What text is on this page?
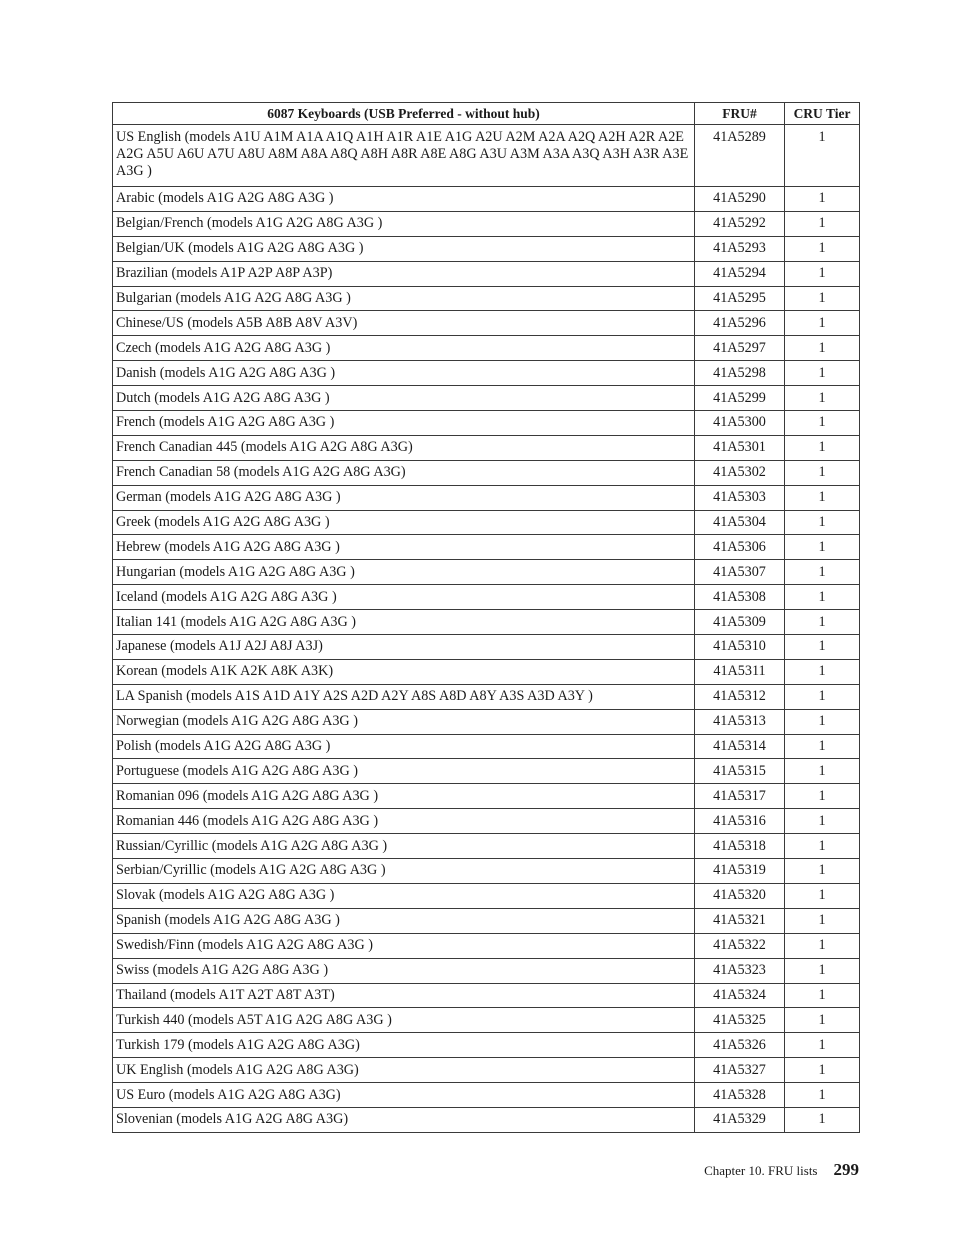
6087 Keyboards (USB Preferred - without hub)	FRU#	CRU Tier
US English (models A1U A1M A1A A1Q A1H A1R A1E A1G A2U A2M A2A A2Q A2H A2R A2E A2G A5U A6U A7U A8U A8M A8A A8Q A8H A8R A8E A8G A3U A3M A3A A3Q A3H A3R A3E A3G )	41A5289	1
Arabic (models A1G A2G A8G A3G )	41A5290	1
Belgian/French (models A1G A2G A8G A3G )	41A5292	1
Belgian/UK (models A1G A2G A8G A3G )	41A5293	1
Brazilian (models A1P A2P A8P A3P)	41A5294	1
Bulgarian (models A1G A2G A8G A3G )	41A5295	1
Chinese/US (models A5B A8B A8V A3V)	41A5296	1
Czech (models A1G A2G A8G A3G )	41A5297	1
Danish (models A1G A2G A8G A3G )	41A5298	1
Dutch (models A1G A2G A8G A3G )	41A5299	1
French (models A1G A2G A8G A3G )	41A5300	1
French Canadian 445 (models A1G A2G A8G A3G)	41A5301	1
French Canadian 58 (models A1G A2G A8G A3G)	41A5302	1
German (models A1G A2G A8G A3G )	41A5303	1
Greek (models A1G A2G A8G A3G )	41A5304	1
Hebrew (models A1G A2G A8G A3G )	41A5306	1
Hungarian (models A1G A2G A8G A3G )	41A5307	1
Iceland (models A1G A2G A8G A3G )	41A5308	1
Italian 141 (models A1G A2G A8G A3G )	41A5309	1
Japanese (models A1J A2J A8J A3J)	41A5310	1
Korean (models A1K A2K A8K A3K)	41A5311	1
LA Spanish (models A1S A1D A1Y A2S A2D A2Y A8S A8D A8Y A3S A3D A3Y )	41A5312	1
Norwegian (models A1G A2G A8G A3G )	41A5313	1
Polish (models A1G A2G A8G A3G )	41A5314	1
Portuguese (models A1G A2G A8G A3G )	41A5315	1
Romanian 096 (models A1G A2G A8G A3G )	41A5317	1
Romanian 446 (models A1G A2G A8G A3G )	41A5316	1
Russian/Cyrillic (models A1G A2G A8G A3G )	41A5318	1
Serbian/Cyrillic (models A1G A2G A8G A3G )	41A5319	1
Slovak (models A1G A2G A8G A3G )	41A5320	1
Spanish (models A1G A2G A8G A3G )	41A5321	1
Swedish/Finn (models A1G A2G A8G A3G )	41A5322	1
Swiss (models A1G A2G A8G A3G )	41A5323	1
Thailand (models A1T A2T A8T A3T)	41A5324	1
Turkish 440 (models A5T A1G A2G A8G A3G )	41A5325	1
Turkish 179 (models A1G A2G A8G A3G)	41A5326	1
UK English (models A1G A2G A8G A3G)	41A5327	1
US Euro (models A1G A2G A8G A3G)	41A5328	1
Slovenian (models A1G A2G A8G A3G)	41A5329	1
Chapter 10. FRU lists 299
